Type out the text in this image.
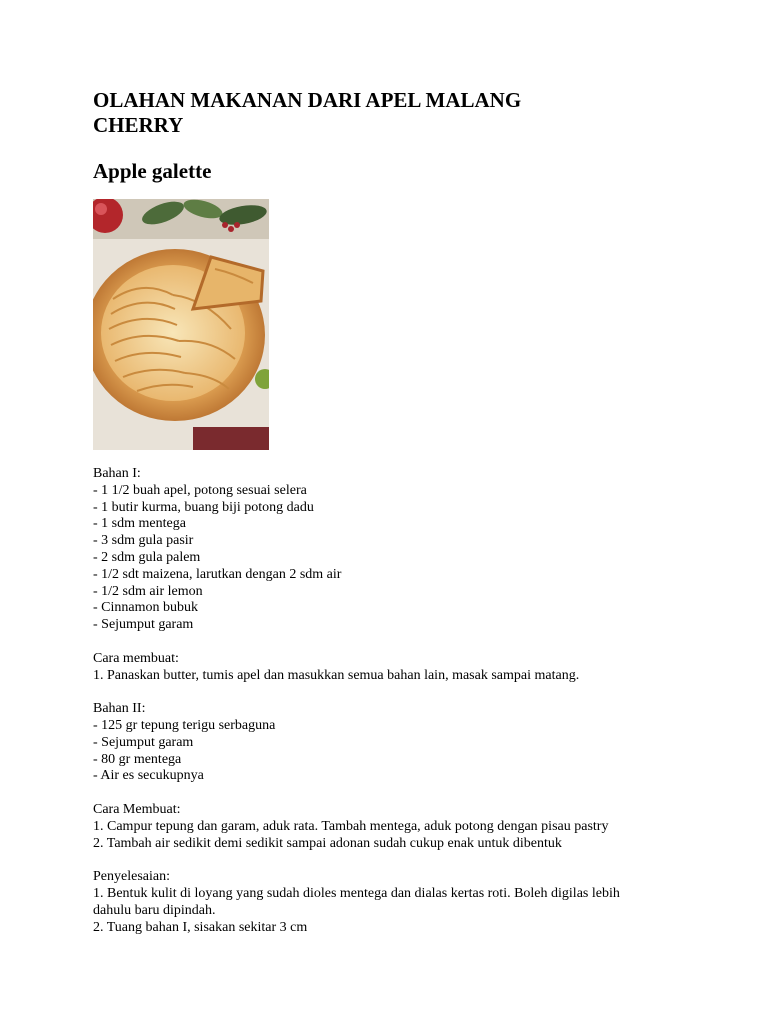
OLAHAN MAKANAN DARI APEL MALANG CHERRY
Apple galette
Bahan I:
- 1 1/2 buah apel, potong sesuai selera
- 1 butir kurma, buang biji potong dadu
- 1 sdm mentega
- 3 sdm gula pasir
- 2 sdm gula palem
- 1/2 sdt maizena, larutkan dengan 2 sdm air
- 1/2 sdm air lemon
- Cinnamon bubuk
- Sejumput garam
Cara membuat:
1. Panaskan butter, tumis apel dan masukkan semua bahan lain, masak sampai matang.
Bahan II:
- 125 gr tepung terigu serbaguna
- Sejumput garam
- 80 gr mentega
- Air es secukupnya
Cara Membuat:
1. Campur tepung dan garam, aduk rata. Tambah mentega, aduk potong dengan pisau pastry
2. Tambah air sedikit demi sedikit sampai adonan sudah cukup enak untuk dibentuk
Penyelesaian:
1. Bentuk kulit di loyang yang sudah dioles mentega dan dialas kertas roti. Boleh digilas lebih dahulu baru dipindah.
2. Tuang bahan I, sisakan sekitar 3 cm
